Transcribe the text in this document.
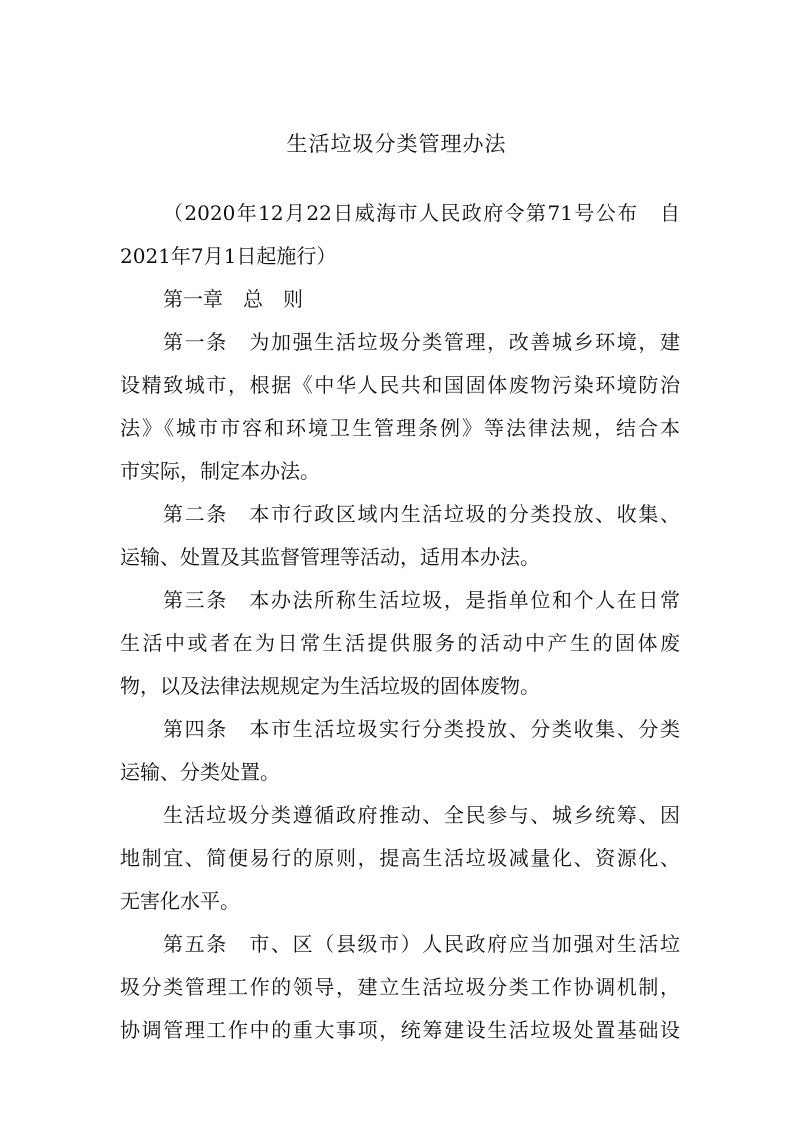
生活垃圾分类管理办法

（2020年12月22日威海市人民政府令第71号公布　自

2021年7月1日起施行）

第一章　总　则

第一条　为加强生活垃圾分类管理，改善城乡环境，建

设精致城市，根据《中华人民共和国固体废物污染环境防治

法》《城市市容和环境卫生管理条例》等法律法规，结合本

市实际，制定本办法。

第二条　本市行政区域内生活垃圾的分类投放、收集、

运输、处置及其监督管理等活动，适用本办法。

第三条　本办法所称生活垃圾，是指单位和个人在日常

生活中或者在为日常生活提供服务的活动中产生的固体废

物，以及法律法规规定为生活垃圾的固体废物。

第四条　本市生活垃圾实行分类投放、分类收集、分类

运输、分类处置。

生活垃圾分类遵循政府推动、全民参与、城乡统筹、因

地制宜、简便易行的原则，提高生活垃圾减量化、资源化、

无害化水平。

第五条　市、区（县级市）人民政府应当加强对生活垃

圾分类管理工作的领导，建立生活垃圾分类工作协调机制，

协调管理工作中的重大事项，统筹建设生活垃圾处置基础设
